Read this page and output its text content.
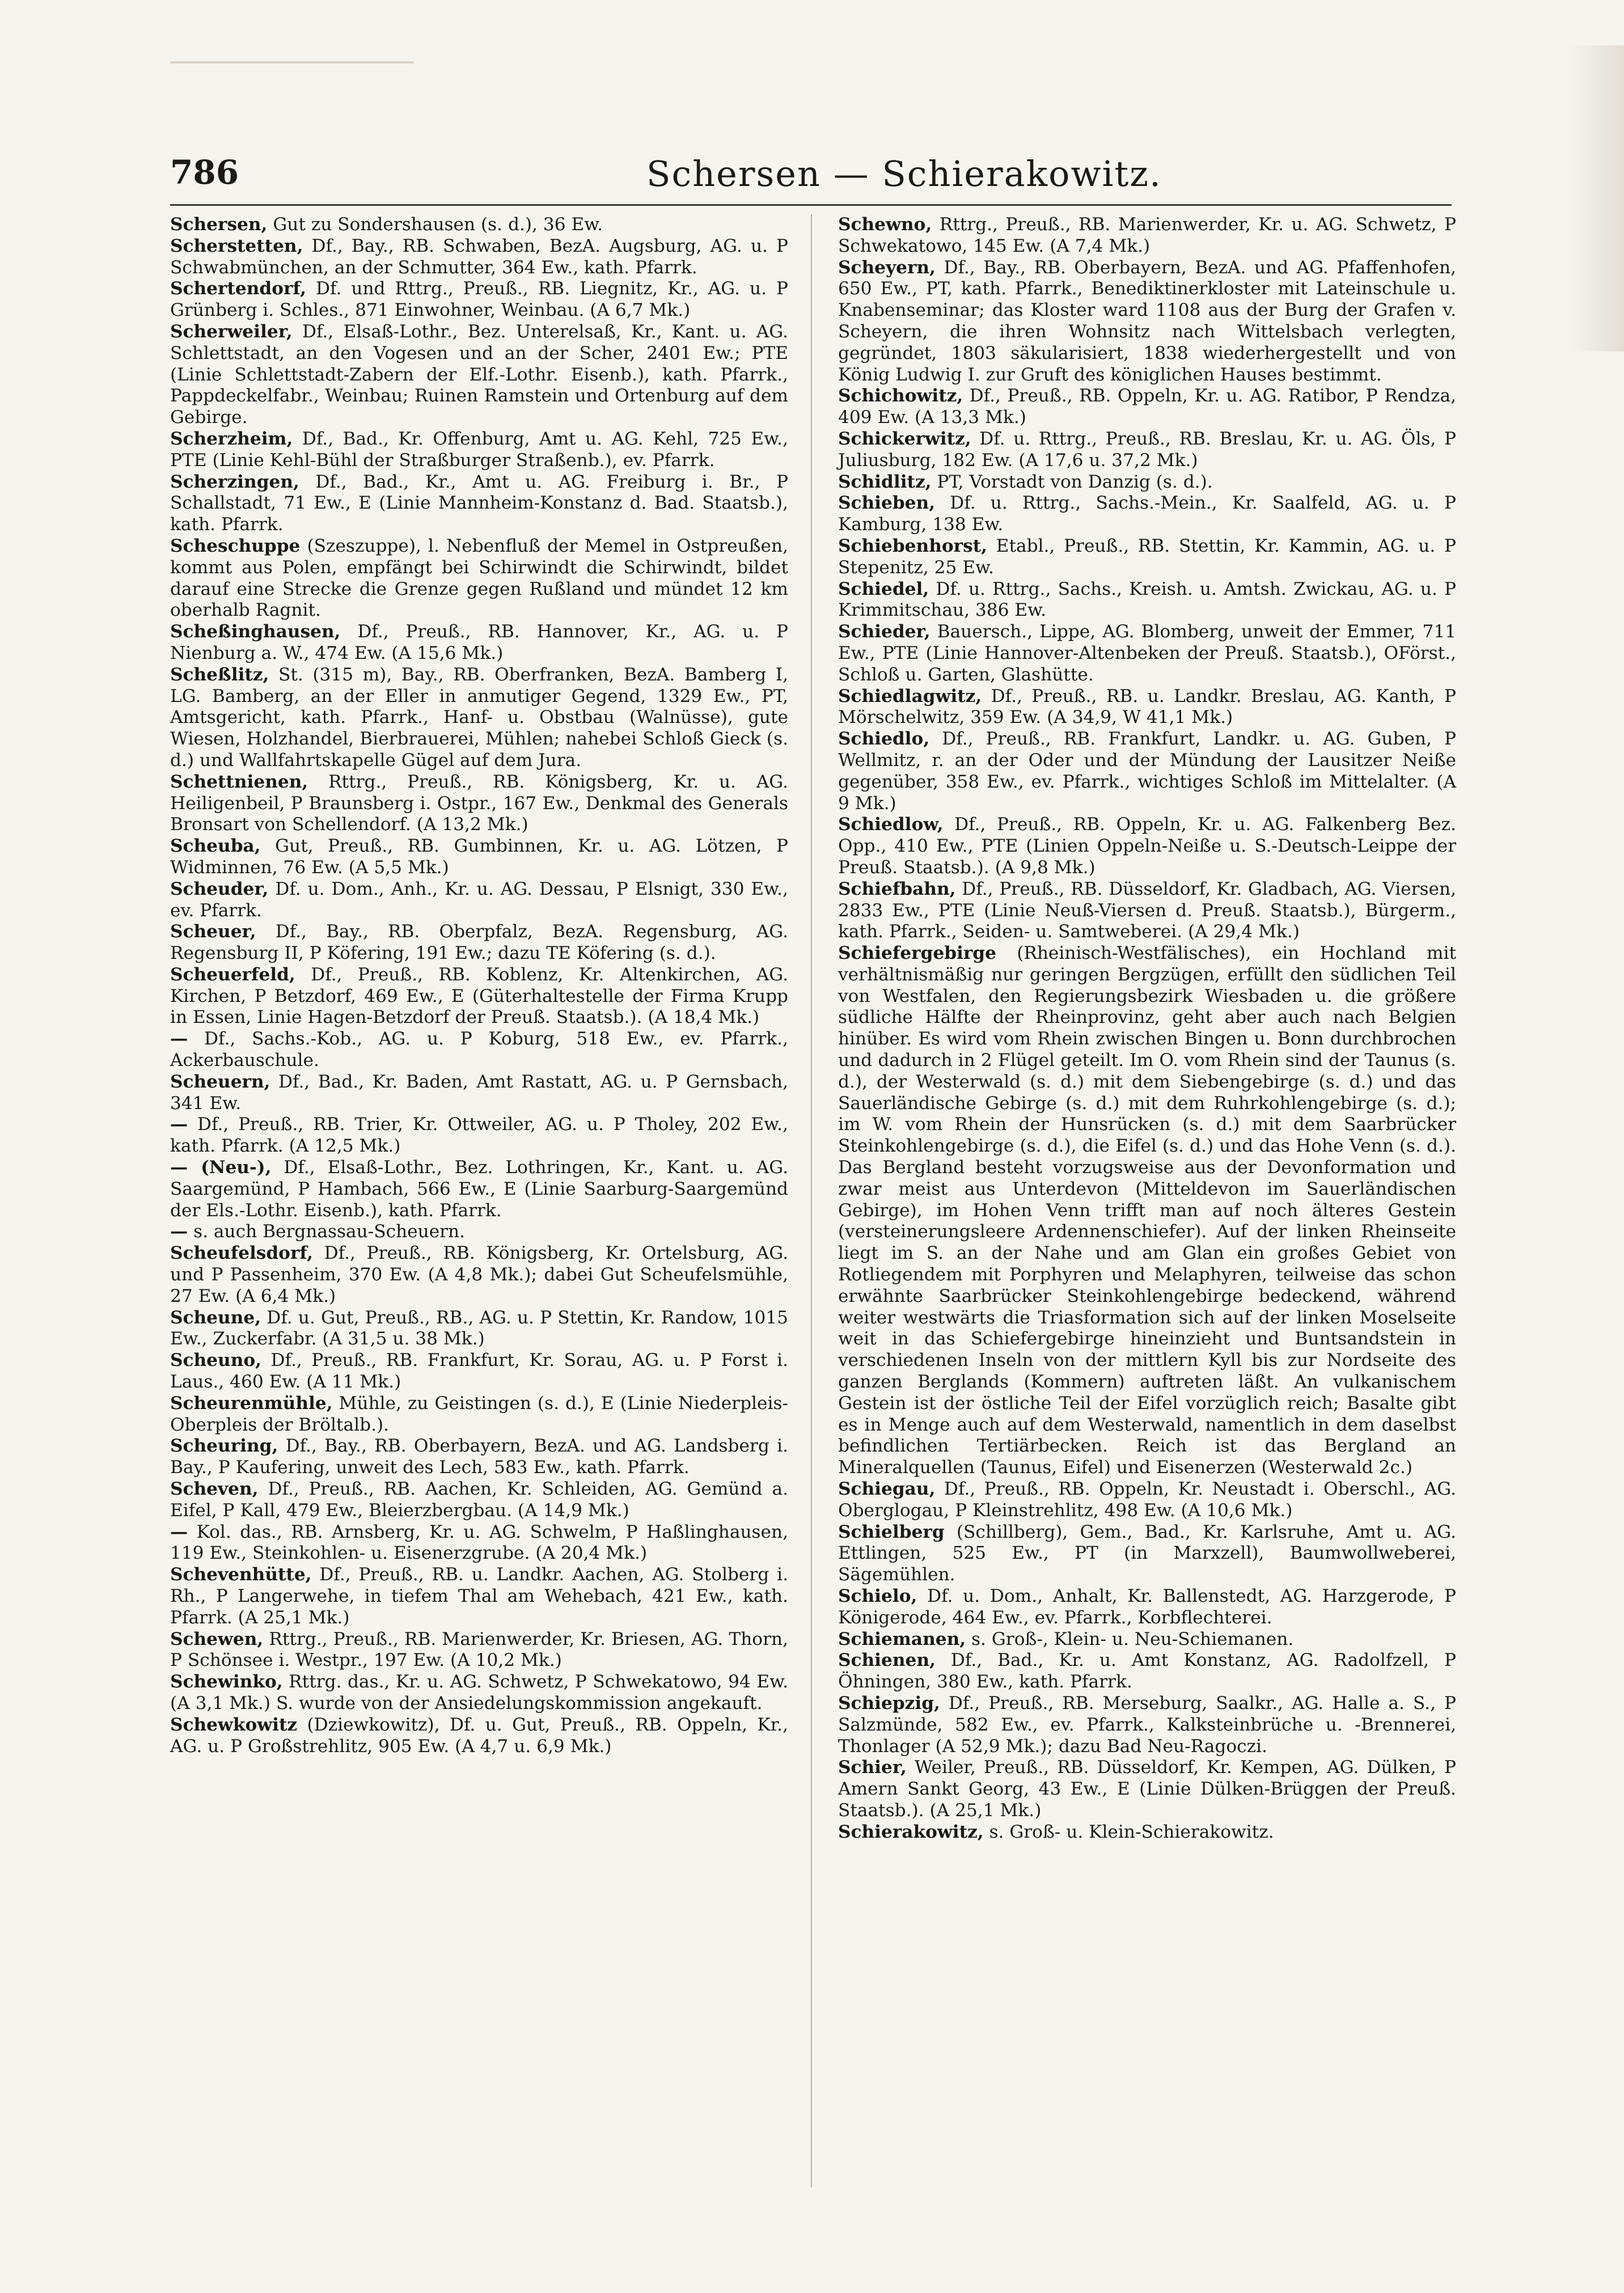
786	Schersen — Schierakowitz.

Schersen, Gut zu Sondershausen (s. d.), 36 Ew.

Scherstetten, Df., Bay., RB. Schwaben, BezA. Augsburg, AG. u. P Schwabmünchen, an der Schmutter, 364 Ew., kath. Pfarrk.

Schertendorf, Df. und Rttrg., Preuß., RB. Liegnitz, Kr., AG. u. P Grünberg i. Schles., 871 Einwohner, Weinbau. (A 6,7 Mk.)

Scherweiler, Df., Elsaß-Lothr., Bez. Unterelsaß, Kr., Kant. u. AG. Schlettstadt, an den Vogesen und an der Scher, 2401 Ew.; PTE (Linie Schlettstadt-Zabern der Elf.-Lothr. Eisenb.), kath. Pfarrk., Pappdeckelfabr., Weinbau; Ruinen Ramstein und Ortenburg auf dem Gebirge.

Scherzheim, Df., Bad., Kr. Offenburg, Amt u. AG. Kehl, 725 Ew., PTE (Linie Kehl-Bühl der Straßburger Straßenb.), ev. Pfarrk.

Scherzingen, Df., Bad., Kr., Amt u. AG. Freiburg i. Br., P Schallstadt, 71 Ew., E (Linie Mannheim-Konstanz d. Bad. Staatsb.), kath. Pfarrk.

Scheschuppe (Szeszuppe), l. Nebenfluß der Memel in Ostpreußen, kommt aus Polen, empfängt bei Schirwindt die Schirwindt, bildet darauf eine Strecke die Grenze gegen Rußland und mündet 12 km oberhalb Ragnit.

Scheßinghausen, Df., Preuß., RB. Hannover, Kr., AG. u. P Nienburg a. W., 474 Ew. (A 15,6 Mk.)

Scheßlitz, St. (315 m), Bay., RB. Oberfranken, BezA. Bamberg I, LG. Bamberg, an der Eller in anmutiger Gegend, 1329 Ew., PT, Amtsgericht, kath. Pfarrk., Hanf- u. Obstbau (Walnüsse), gute Wiesen, Holzhandel, Bierbrauerei, Mühlen; nahebei Schloß Gieck (s. d.) und Wallfahrtskapelle Gügel auf dem Jura.

Schettnienen, Rttrg., Preuß., RB. Königsberg, Kr. u. AG. Heiligenbeil, P Braunsberg i. Ostpr., 167 Ew., Denkmal des Generals Bronsart von Schellendorf. (A 13,2 Mk.)

Scheuba, Gut, Preuß., RB. Gumbinnen, Kr. u. AG. Lötzen, P Widminnen, 76 Ew. (A 5,5 Mk.)

Scheuder, Df. u. Dom., Anh., Kr. u. AG. Dessau, P Elsnigt, 330 Ew., ev. Pfarrk.

Scheuer, Df., Bay., RB. Oberpfalz, BezA. Regensburg, AG. Regensburg II, P Köfering, 191 Ew.; dazu TE Köfering (s. d.).

Scheuerfeld, Df., Preuß., RB. Koblenz, Kr. Altenkirchen, AG. Kirchen, P Betzdorf, 469 Ew., E (Güterhaltestelle der Firma Krupp in Essen, Linie Hagen-Betzdorf der Preuß. Staatsb.). (A 18,4 Mk.)

— Df., Sachs.-Kob., AG. u. P Koburg, 518 Ew., ev. Pfarrk., Ackerbauschule.

Scheuern, Df., Bad., Kr. Baden, Amt Rastatt, AG. u. P Gernsbach, 341 Ew.

— Df., Preuß., RB. Trier, Kr. Ottweiler, AG. u. P Tholey, 202 Ew., kath. Pfarrk. (A 12,5 Mk.)

— (Neu-), Df., Elsaß-Lothr., Bez. Lothringen, Kr., Kant. u. AG. Saargemünd, P Hambach, 566 Ew., E (Linie Saarburg-Saargemünd der Els.-Lothr. Eisenb.), kath. Pfarrk.

— s. auch Bergnassau-Scheuern.

Scheufelsdorf, Df., Preuß., RB. Königsberg, Kr. Ortelsburg, AG. und P Passenheim, 370 Ew. (A 4,8 Mk.); dabei Gut Scheufelsmühle, 27 Ew. (A 6,4 Mk.)

Scheune, Df. u. Gut, Preuß., RB., AG. u. P Stettin, Kr. Randow, 1015 Ew., Zuckerfabr. (A 31,5 u. 38 Mk.)

Scheuno, Df., Preuß., RB. Frankfurt, Kr. Sorau, AG. u. P Forst i. Laus., 460 Ew. (A 11 Mk.)

Scheurenmühle, Mühle, zu Geistingen (s. d.), E (Linie Niederpleis-Oberpleis der Bröltalb.).

Scheuring, Df., Bay., RB. Oberbayern, BezA. und AG. Landsberg i. Bay., P Kaufering, unweit des Lech, 583 Ew., kath. Pfarrk.

Scheven, Df., Preuß., RB. Aachen, Kr. Schleiden, AG. Gemünd a. Eifel, P Kall, 479 Ew., Bleierzbergbau. (A 14,9 Mk.)

— Kol. das., RB. Arnsberg, Kr. u. AG. Schwelm, P Haßlinghausen, 119 Ew., Steinkohlen- u. Eisenerzgrube. (A 20,4 Mk.)

Schevenhütte, Df., Preuß., RB. u. Landkr. Aachen, AG. Stolberg i. Rh., P Langerwehe, in tiefem Thal am Wehebach, 421 Ew., kath. Pfarrk. (A 25,1 Mk.)

Schewen, Rttrg., Preuß., RB. Marienwerder, Kr. Briesen, AG. Thorn, P Schönsee i. Westpr., 197 Ew. (A 10,2 Mk.)

Schewinko, Rttrg. das., Kr. u. AG. Schwetz, P Schwekatowo, 94 Ew. (A 3,1 Mk.) S. wurde von der Ansiedelungskommission angekauft.

Schewkowitz (Dziewkowitz), Df. u. Gut, Preuß., RB. Oppeln, Kr., AG. u. P Großstrehlitz, 905 Ew. (A 4,7 u. 6,9 Mk.)

Schewno, Rttrg., Preuß., RB. Marienwerder, Kr. u. AG. Schwetz, P Schwekatowo, 145 Ew. (A 7,4 Mk.)

Scheyern, Df., Bay., RB. Oberbayern, BezA. und AG. Pfaffenhofen, 650 Ew., PT, kath. Pfarrk., Benediktinerkloster mit Lateinschule u. Knabenseminar; das Kloster ward 1108 aus der Burg der Grafen v. Scheyern, die ihren Wohnsitz nach Wittelsbach verlegten, gegründet, 1803 säkularisiert, 1838 wiederhergestellt und von König Ludwig I. zur Gruft des königlichen Hauses bestimmt.

Schichowitz, Df., Preuß., RB. Oppeln, Kr. u. AG. Ratibor, P Rendza, 409 Ew. (A 13,3 Mk.)

Schickerwitz, Df. u. Rttrg., Preuß., RB. Breslau, Kr. u. AG. Öls, P Juliusburg, 182 Ew. (A 17,6 u. 37,2 Mk.)

Schidlitz, PT, Vorstadt von Danzig (s. d.).

Schieben, Df. u. Rttrg., Sachs.-Mein., Kr. Saalfeld, AG. u. P Kamburg, 138 Ew.

Schiebenhorst, Etabl., Preuß., RB. Stettin, Kr. Kammin, AG. u. P Stepenitz, 25 Ew.

Schiedel, Df. u. Rttrg., Sachs., Kreish. u. Amtsh. Zwickau, AG. u. P Krimmitschau, 386 Ew.

Schieder, Bauersch., Lippe, AG. Blomberg, unweit der Emmer, 711 Ew., PTE (Linie Hannover-Altenbeken der Preuß. Staatsb.), OFörst., Schloß u. Garten, Glashütte.

Schiedlagwitz, Df., Preuß., RB. u. Landkr. Breslau, AG. Kanth, P Mörschelwitz, 359 Ew. (A 34,9, W 41,1 Mk.)

Schiedlo, Df., Preuß., RB. Frankfurt, Landkr. u. AG. Guben, P Wellmitz, r. an der Oder und der Mündung der Lausitzer Neiße gegenüber, 358 Ew., ev. Pfarrk., wichtiges Schloß im Mittelalter. (A 9 Mk.)

Schiedlow, Df., Preuß., RB. Oppeln, Kr. u. AG. Falkenberg Bez. Opp., 410 Ew., PTE (Linien Oppeln-Neiße u. S.-Deutsch-Leippe der Preuß. Staatsb.). (A 9,8 Mk.)

Schiefbahn, Df., Preuß., RB. Düsseldorf, Kr. Gladbach, AG. Viersen, 2833 Ew., PTE (Linie Neuß-Viersen d. Preuß. Staatsb.), Bürgerm., kath. Pfarrk., Seiden- u. Samtweberei. (A 29,4 Mk.)

Schiefergebirge (Rheinisch-Westfälisches), ein Hochland mit verhältnismäßig nur geringen Bergzügen, erfüllt den südlichen Teil von Westfalen, den Regierungsbezirk Wiesbaden u. die größere südliche Hälfte der Rheinprovinz, geht aber auch nach Belgien hinüber. Es wird vom Rhein zwischen Bingen u. Bonn durchbrochen und dadurch in 2 Flügel geteilt. Im O. vom Rhein sind der Taunus (s. d.), der Westerwald (s. d.) mit dem Siebengebirge (s. d.) und das Sauerländische Gebirge (s. d.) mit dem Ruhrkohlengebirge (s. d.); im W. vom Rhein der Hunsrücken (s. d.) mit dem Saarbrücker Steinkohlengebirge (s. d.), die Eifel (s. d.) und das Hohe Venn (s. d.). Das Bergland besteht vorzugsweise aus der Devonformation und zwar meist aus Unterdevon (Mitteldevon im Sauerländischen Gebirge), im Hohen Venn trifft man auf noch älteres Gestein (versteinerungsleere Ardennenschiefer). Auf der linken Rheinseite liegt im S. an der Nahe und am Glan ein großes Gebiet von Rotliegendem mit Porphyren und Melaphyren, teilweise das schon erwähnte Saarbrücker Steinkohlengebirge bedeckend, während weiter westwärts die Triasformation sich auf der linken Moselseite weit in das Schiefergebirge hineinzieht und Buntsandstein in verschiedenen Inseln von der mittlern Kyll bis zur Nordseite des ganzen Berglands (Kommern) auftreten läßt. An vulkanischem Gestein ist der östliche Teil der Eifel vorzüglich reich; Basalte gibt es in Menge auch auf dem Westerwald, namentlich in dem daselbst befindlichen Tertiärbecken. Reich ist das Bergland an Mineralquellen (Taunus, Eifel) und Eisenerzen (Westerwald 2c.)

Schiegau, Df., Preuß., RB. Oppeln, Kr. Neustadt i. Oberschl., AG. Oberglogau, P Kleinstrehlitz, 498 Ew. (A 10,6 Mk.)

Schielberg (Schillberg), Gem., Bad., Kr. Karlsruhe, Amt u. AG. Ettlingen, 525 Ew., PT (in Marxzell), Baumwollweberei, Sägemühlen.

Schielo, Df. u. Dom., Anhalt, Kr. Ballenstedt, AG. Harzgerode, P Königerode, 464 Ew., ev. Pfarrk., Korbflechterei.

Schiemanen, s. Groß-, Klein- u. Neu-Schiemanen.

Schienen, Df., Bad., Kr. u. Amt Konstanz, AG. Radolfzell, P Öhningen, 380 Ew., kath. Pfarrk.

Schiepzig, Df., Preuß., RB. Merseburg, Saalkr., AG. Halle a. S., P Salzmünde, 582 Ew., ev. Pfarrk., Kalksteinbrüche u. -Brennerei, Thonlager (A 52,9 Mk.); dazu Bad Neu-Ragoczi.

Schier, Weiler, Preuß., RB. Düsseldorf, Kr. Kempen, AG. Dülken, P Amern Sankt Georg, 43 Ew., E (Linie Dülken-Brüggen der Preuß. Staatsb.). (A 25,1 Mk.)

Schierakowitz, s. Groß- u. Klein-Schierakowitz.
